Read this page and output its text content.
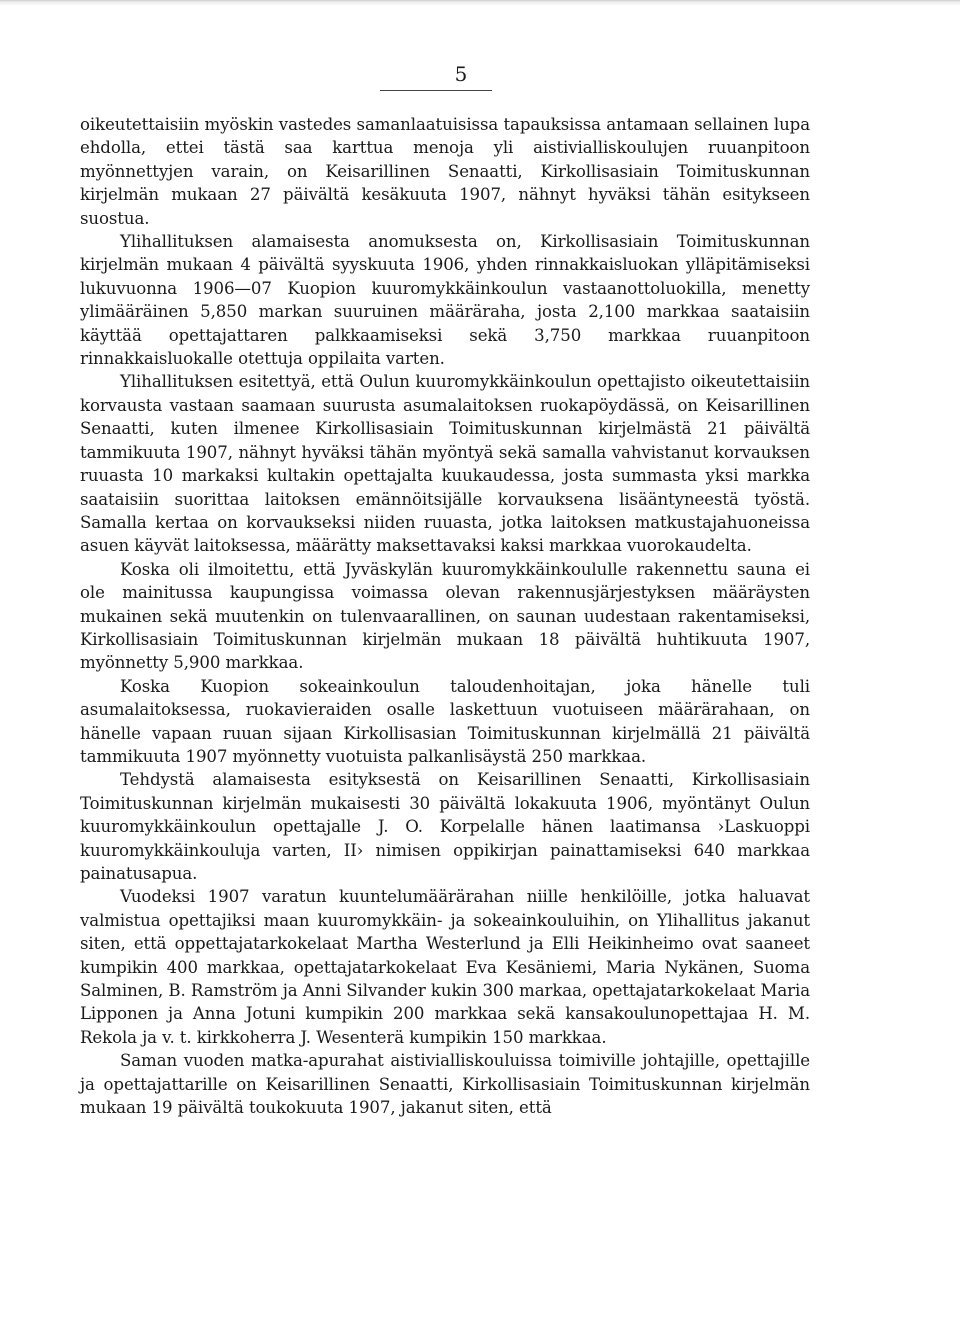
5

oikeutettaisiin myöskin vastedes samanlaatuisissa tapauksissa antamaan sellainen lupa ehdolla, ettei tästä saa karttua menoja yli aistivialliskoulujen ruuanpitoon myönnettyjen varain, on Keisarillinen Senaatti, Kirkollisasiain Toimituskunnan kirjelmän mukaan 27 päivältä kesäkuuta 1907, nähnyt hyväksi tähän esitykseen suostua.

Ylihallituksen alamaisesta anomuksesta on, Kirkollisasiain Toimituskunnan kirjelmän mukaan 4 päivältä syyskuuta 1906, yhden rinnakkaisluokan ylläpitämiseksi lukuvuonna 1906—07 Kuopion kuuromykkäinkoulun vastaanottoluokilla, menetty ylimääräinen 5,850 markan suuruinen määräraha, josta 2,100 markkaa saataisiin käyttää opettajattaren palkkaamiseksi sekä 3,750 markkaa ruuanpitoon rinnakkaisluokalle otettuja oppilaita varten.

Ylihallituksen esitettyä, että Oulun kuuromykkäinkoulun opettajisto oikeutettaisiin korvausta vastaan saamaan suurusta asumalaitoksen ruokapöydässä, on Keisarillinen Senaatti, kuten ilmenee Kirkollisasiain Toimituskunnan kirjelmästä 21 päivältä tammikuuta 1907, nähnyt hyväksi tähän myöntyä sekä samalla vahvistanut korvauksen ruuasta 10 markaksi kultakin opettajalta kuukaudessa, josta summasta yksi markka saataisiin suorittaa laitoksen emännöitsijälle korvauksena lisääntyneestä työstä. Samalla kertaa on korvaukseksi niiden ruuasta, jotka laitoksen matkustajahuoneissa asuen käyvät laitoksessa, määrätty maksettavaksi kaksi markkaa vuorokaudelta.

Koska oli ilmoitettu, että Jyväskylän kuuromykkäinkoululle rakennettu sauna ei ole mainitussa kaupungissa voimassa olevan rakennusjärjestyksen määräysten mukainen sekä muutenkin on tulenvaarallinen, on saunan uudestaan rakentamiseksi, Kirkollisasiain Toimituskunnan kirjelmän mukaan 18 päivältä huhtikuuta 1907, myönnetty 5,900 markkaa.

Koska Kuopion sokeainkoulun taloudenhoitajan, joka hänelle tuli asumalaitoksessa, ruokavieraiden osalle laskettuun vuotuiseen määrärahaan, on hänelle vapaan ruuan sijaan Kirkollisasian Toimituskunnan kirjelmällä 21 päivältä tammikuuta 1907 myönnetty vuotuista palkanlisäystä 250 markkaa.

Tehdystä alamaisesta esityksestä on Keisarillinen Senaatti, Kirkollisasiain Toimituskunnan kirjelmän mukaisesti 30 päivältä lokakuuta 1906, myöntänyt Oulun kuuromykkäinkoulun opettajalle J. O. Korpelalle hänen laatimansa ›Laskuoppi kuuromykkäinkouluja varten, II› nimisen oppikirjan painattamiseksi 640 markkaa painatusapua.

Vuodeksi 1907 varatun kuuntelumäärärahan niille henkilöille, jotka haluavat valmistua opettajiksi maan kuuromykkäin- ja sokeainkouluihin, on Ylihallitus jakanut siten, että oppettajatarkokelaat Martha Westerlund ja Elli Heikinheimo ovat saaneet kumpikin 400 markkaa, opettajatarkokelaat Eva Kesäniemi, Maria Nykänen, Suoma Salminen, B. Ramström ja Anni Silvander kukin 300 markaa, opettajatarkokelaat Maria Lipponen ja Anna Jotuni kumpikin 200 markkaa sekä kansakoulunopettajaa H. M. Rekola ja v. t. kirkkoherra J. Wesenterä kumpikin 150 markkaa.

Saman vuoden matka-apurahat aistivialliskouluissa toimiville johtajille, opettajille ja opettajattarille on Keisarillinen Senaatti, Kirkollisasiain Toimituskunnan kirjelmän mukaan 19 päivältä toukokuuta 1907, jakanut siten, että
